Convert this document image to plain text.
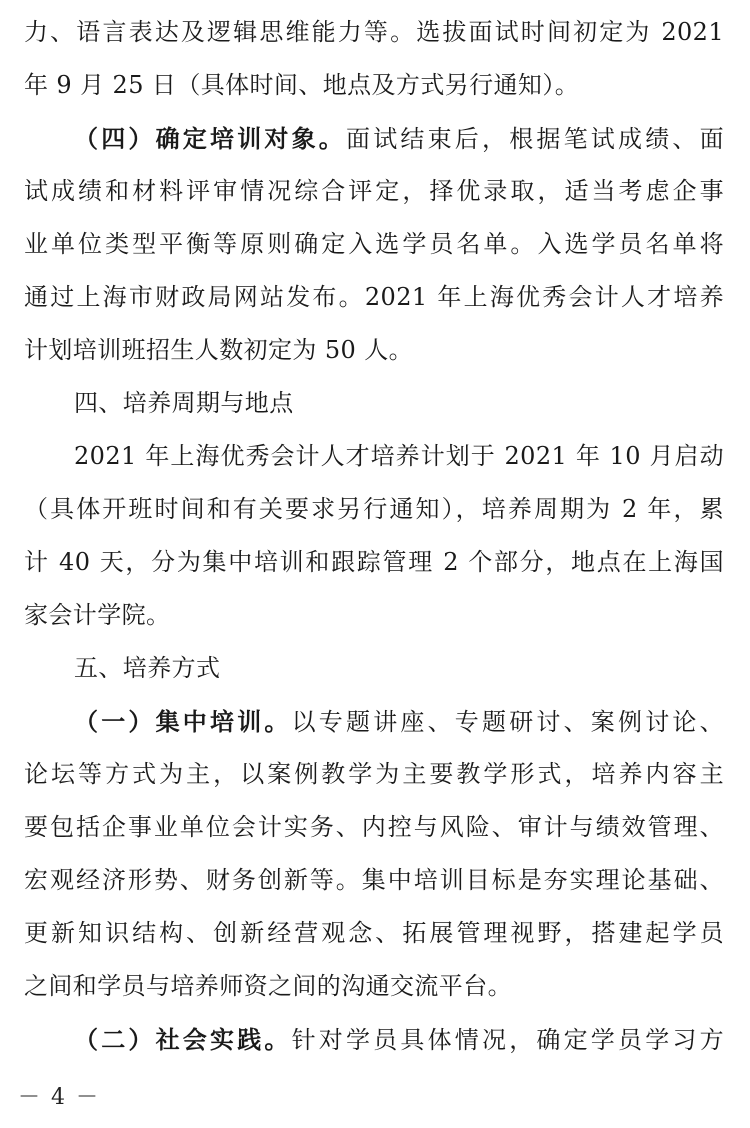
力、语言表达及逻辑思维能力等。选拔面试时间初定为 2021
年 9 月 25 日（具体时间、地点及方式另行通知）。
（四）确定培训对象。面试结束后，根据笔试成绩、面
试成绩和材料评审情况综合评定，择优录取，适当考虑企事
业单位类型平衡等原则确定入选学员名单。入选学员名单将
通过上海市财政局网站发布。2021 年上海优秀会计人才培养
计划培训班招生人数初定为 50 人。
四、培养周期与地点
2021 年上海优秀会计人才培养计划于 2021 年 10 月启动
（具体开班时间和有关要求另行通知），培养周期为 2 年，累
计 40 天，分为集中培训和跟踪管理 2 个部分，地点在上海国
家会计学院。
五、培养方式
（一）集中培训。以专题讲座、专题研讨、案例讨论、
论坛等方式为主，以案例教学为主要教学形式，培养内容主
要包括企事业单位会计实务、内控与风险、审计与绩效管理、
宏观经济形势、财务创新等。集中培训目标是夯实理论基础、
更新知识结构、创新经营观念、拓展管理视野，搭建起学员
之间和学员与培养师资之间的沟通交流平台。
（二）社会实践。针对学员具体情况，确定学员学习方
－ 4 －
